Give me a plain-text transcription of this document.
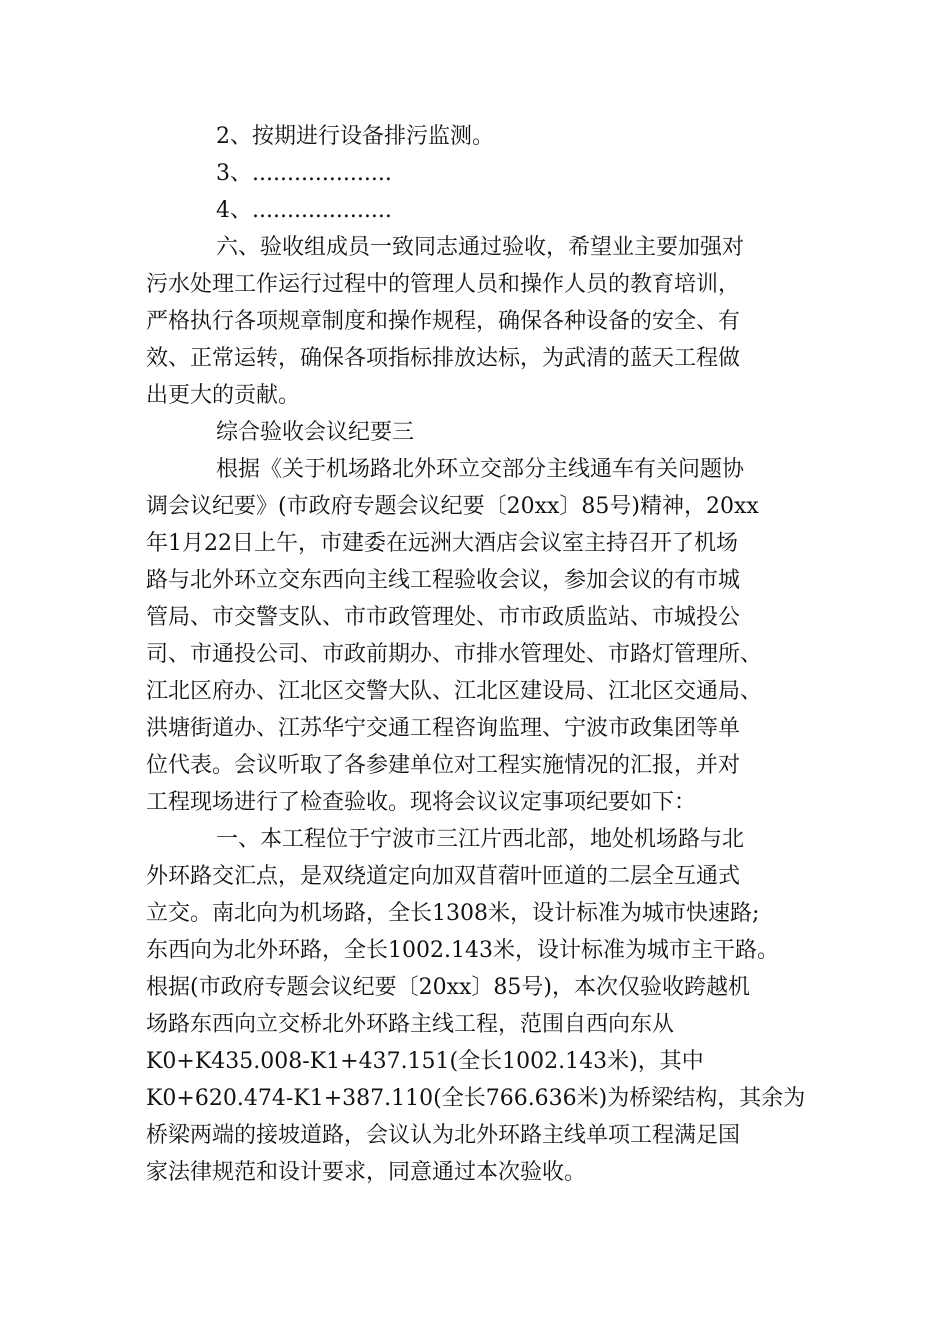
2、按期进行设备排污监测。
3、....................
4、....................
六、验收组成员一致同志通过验收，希望业主要加强对
污水处理工作运行过程中的管理人员和操作人员的教育培训，
严格执行各项规章制度和操作规程，确保各种设备的安全、有
效、正常运转，确保各项指标排放达标，为武清的蓝天工程做
出更大的贡献。
综合验收会议纪要三
根据《关于机场路北外环立交部分主线通车有关问题协
调会议纪要》(市政府专题会议纪要〔20xx〕85号)精神，20xx
年1月22日上午，市建委在远洲大酒店会议室主持召开了机场
路与北外环立交东西向主线工程验收会议，参加会议的有市城
管局、市交警支队、市市政管理处、市市政质监站、市城投公
司、市通投公司、市政前期办、市排水管理处、市路灯管理所、
江北区府办、江北区交警大队、江北区建设局、江北区交通局、
洪塘街道办、江苏华宁交通工程咨询监理、宁波市政集团等单
位代表。会议听取了各参建单位对工程实施情况的汇报，并对
工程现场进行了检查验收。现将会议议定事项纪要如下：
一、本工程位于宁波市三江片西北部，地处机场路与北
外环路交汇点，是双绕道定向加双苜蓿叶匝道的二层全互通式
立交。南北向为机场路，全长1308米，设计标准为城市快速路;
东西向为北外环路，全长1002.143米，设计标准为城市主干路。
根据(市政府专题会议纪要〔20xx〕85号)，本次仅验收跨越机
场路东西向立交桥北外环路主线工程，范围自西向东从
K0+K435.008-K1+437.151(全长1002.143米)，其中
K0+620.474-K1+387.110(全长766.636米)为桥梁结构，其余为
桥梁两端的接坡道路，会议认为北外环路主线单项工程满足国
家法律规范和设计要求，同意通过本次验收。
